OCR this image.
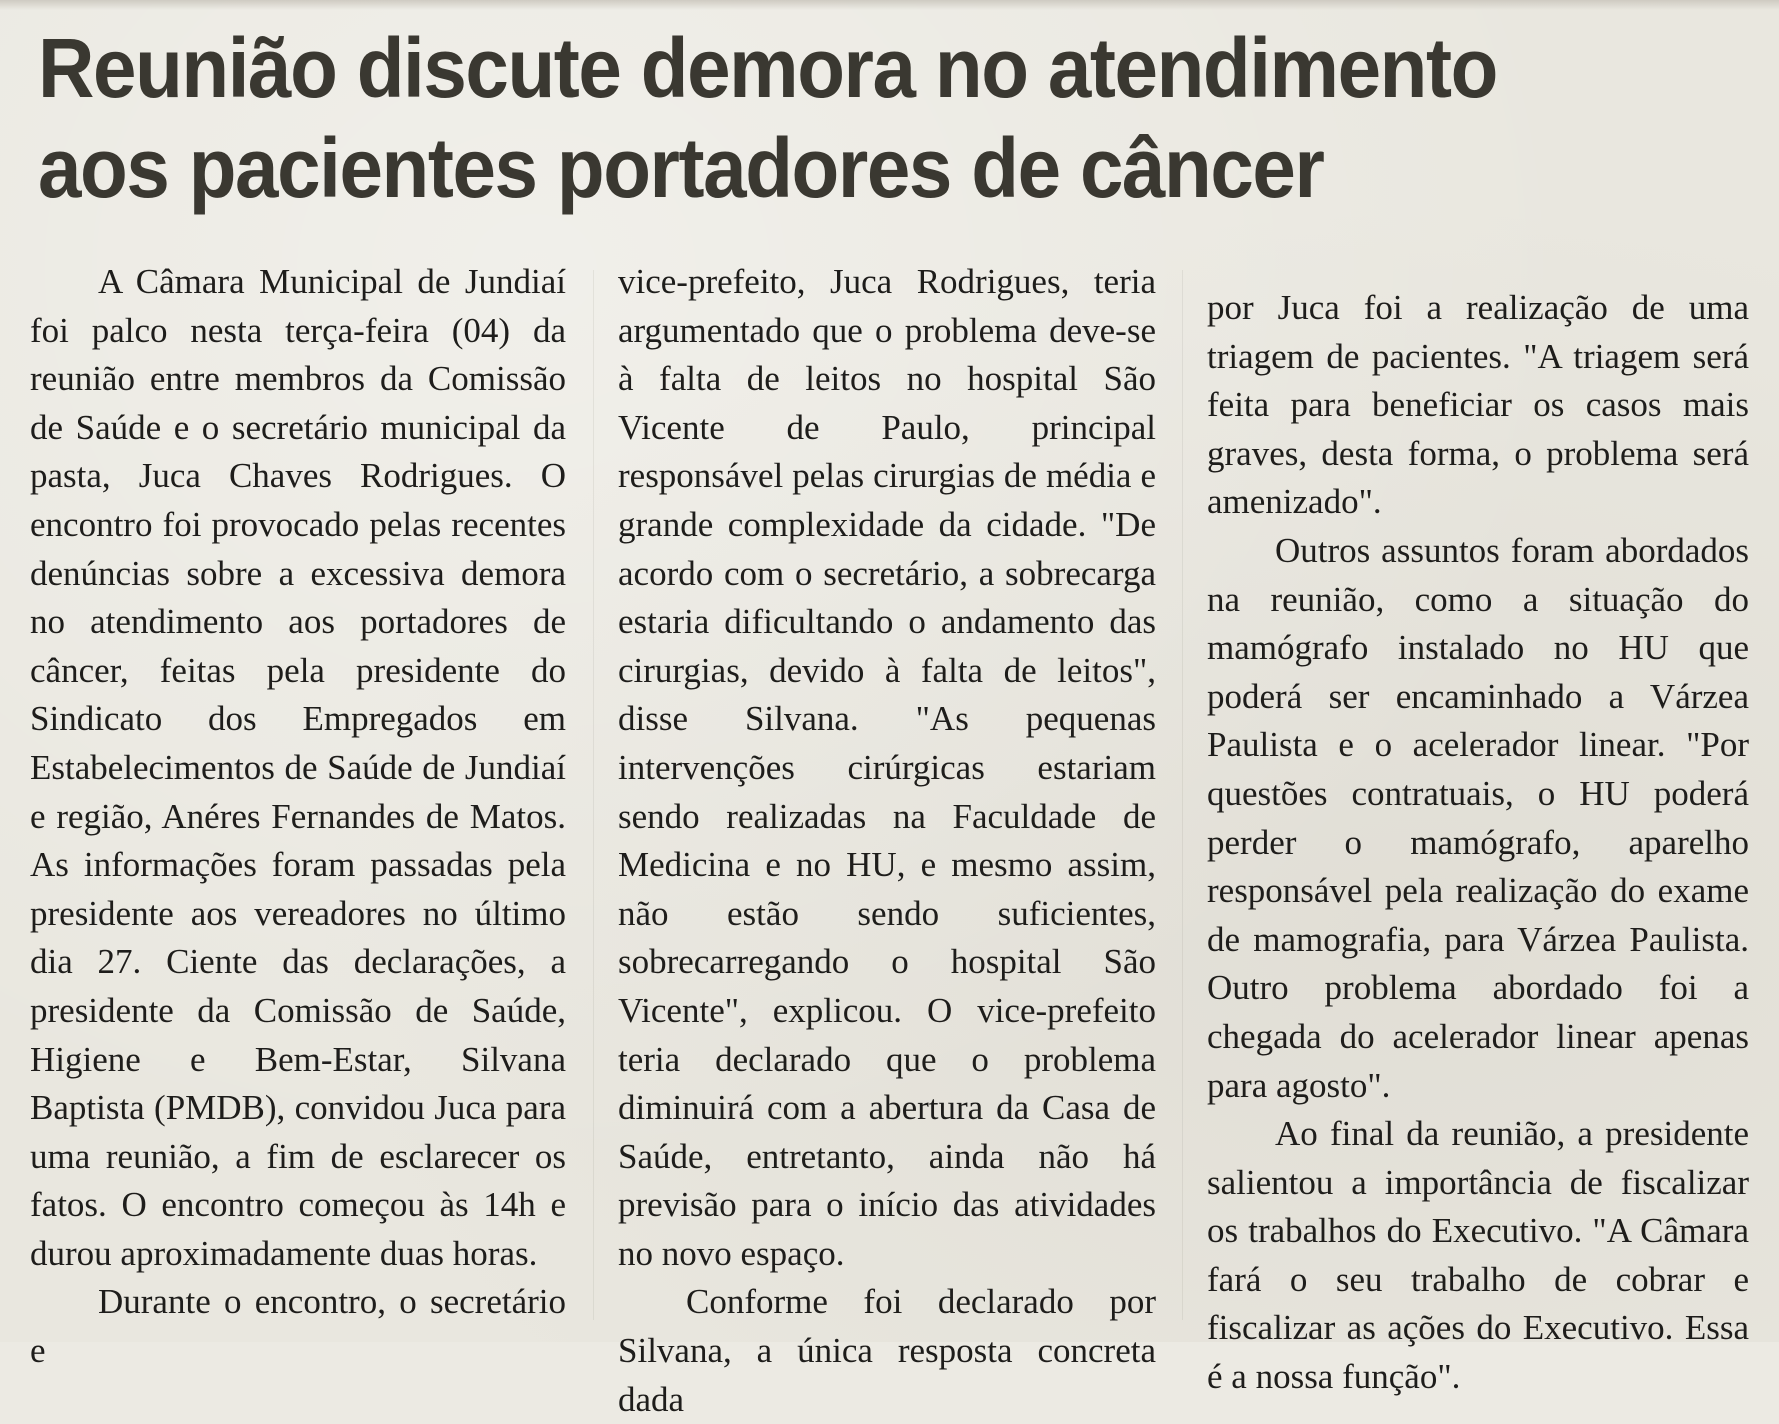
Reunião discute demora no atendimento
aos pacientes portadores de câncer

A Câmara Municipal de Jundiaí foi palco nesta terça-feira (04) da reunião entre membros da Comissão de Saúde e o secretário municipal da pasta, Juca Chaves Rodrigues. O encontro foi provocado pelas recentes denúncias sobre a excessiva demora no atendimento aos portadores de câncer, feitas pela presidente do Sindicato dos Empregados em Estabelecimentos de Saúde de Jundiaí e região, Anéres Fernandes de Matos. As informações foram passadas pela presidente aos vereadores no último dia 27. Ciente das declarações, a presidente da Comissão de Saúde, Higiene e Bem-Estar, Silvana Baptista (PMDB), convidou Juca para uma reunião, a fim de esclarecer os fatos. O encontro começou às 14h e durou aproximadamente duas horas.

Durante o encontro, o secretário e

vice-prefeito, Juca Rodrigues, teria argumentado que o problema deve-se à falta de leitos no hospital São Vicente de Paulo, principal responsável pelas cirurgias de média e grande complexidade da cidade. "De acordo com o secretário, a sobrecarga estaria dificultando o andamento das cirurgias, devido à falta de leitos", disse Silvana. "As pequenas intervenções cirúrgicas estariam sendo realizadas na Faculdade de Medicina e no HU, e mesmo assim, não estão sendo suficientes, sobrecarregando o hospital São Vicente", explicou. O vice-prefeito teria declarado que o problema diminuirá com a abertura da Casa de Saúde, entretanto, ainda não há previsão para o início das atividades no novo espaço.

Conforme foi declarado por Silvana, a única resposta concreta dada

por Juca foi a realização de uma triagem de pacientes. "A triagem será feita para beneficiar os casos mais graves, desta forma, o problema será amenizado".

Outros assuntos foram abordados na reunião, como a situação do mamógrafo instalado no HU que poderá ser encaminhado a Várzea Paulista e o acelerador linear. "Por questões contratuais, o HU poderá perder o mamógrafo, aparelho responsável pela realização do exame de mamografia, para Várzea Paulista. Outro problema abordado foi a chegada do acelerador linear apenas para agosto".

Ao final da reunião, a presidente salientou a importância de fiscalizar os trabalhos do Executivo. "A Câmara fará o seu trabalho de cobrar e fiscalizar as ações do Executivo. Essa é a nossa função".
